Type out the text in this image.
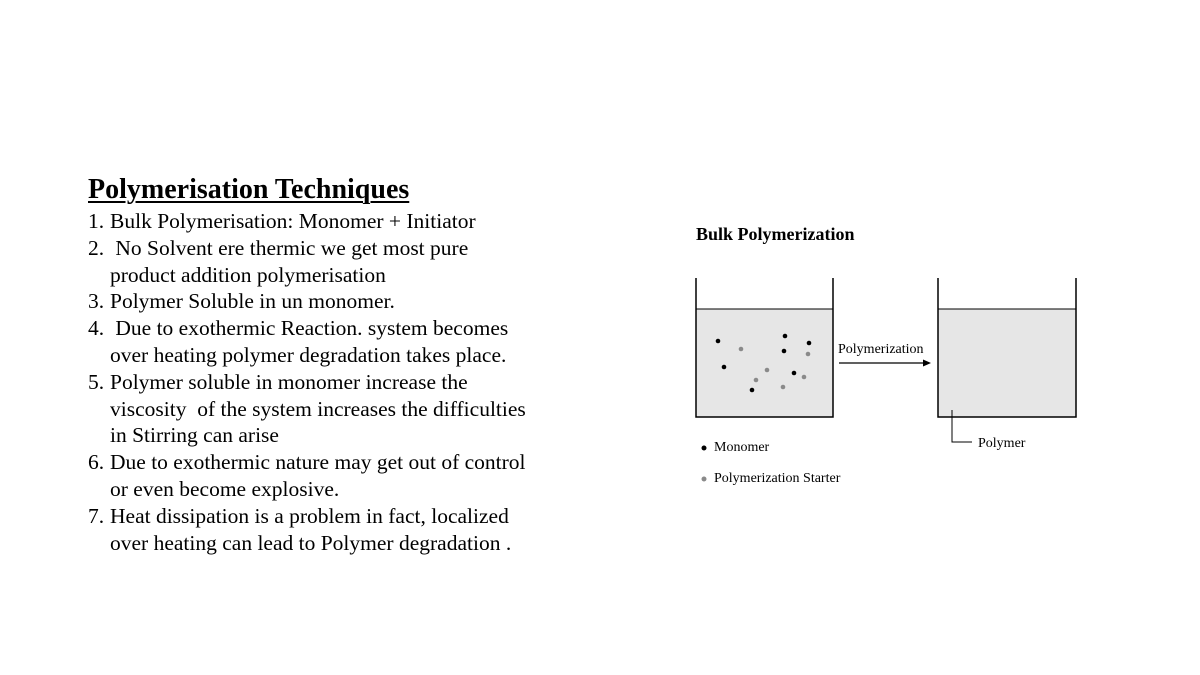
Polymerisation Techniques
1. Bulk Polymerisation: Monomer + Initiator
2. No Solvent ere thermic we get most pure
product addition polymerisation
3. Polymer Soluble in un monomer.
4. Due to exothermic Reaction. system becomes
over heating polymer degradation takes place.
5. Polymer soluble in monomer increase the
viscosity  of the system increases the difficulties
in Stirring can arise
6. Due to exothermic nature may get out of control
or even become explosive.
7. Heat dissipation is a problem in fact, localized
over heating can lead to Polymer degradation .
Bulk Polymerization
Polymerization
Monomer
Polymerization Starter
Polymer
